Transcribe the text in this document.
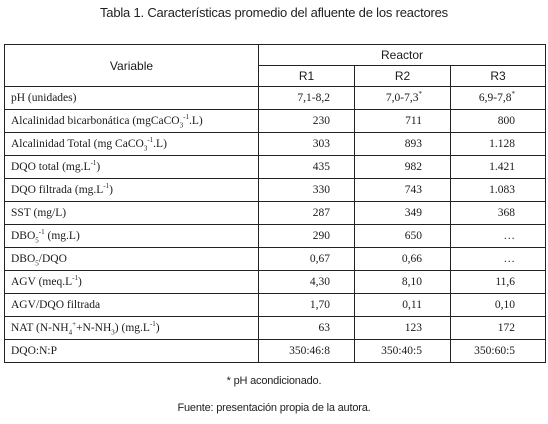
Tabla 1. Características promedio del afluente de los reactores
Variable	Reactor		
	R1	R2	R3
pH (unidades)	7,1-8,2	7,0-7,3*	6,9-7,8*
Alcalinidad bicarbonática (mgCaCO$_3^{-1}$.L)	230	711	800
Alcalinidad Total (mg CaCO$_3^{-1}$.L)	303	893	1.128
DQO total $(mg.L^{-1})$	435	982	1.421
DQO filtrada $(mg.L^{-1})$	330	743	1.083
SST (mg/L)	287	349	368
$DBO_5^{-1}$ (mg.L)	290	650	…
$DBO_5$/DQO	0,67	0,66	…
AGV $(meq.L^{-1})$	4,30	8,10	11,6
AGV/DQO filtrada	1,70	0,11	0,10
NAT $(N-NH_4^++N-NH_3)$ $(mg.L^{-1})$	63	123	172
DQO:N:P	350:46:8	350:40:5	350:60:5
* pH acondicionado.
Fuente: presentación propia de la autora.
